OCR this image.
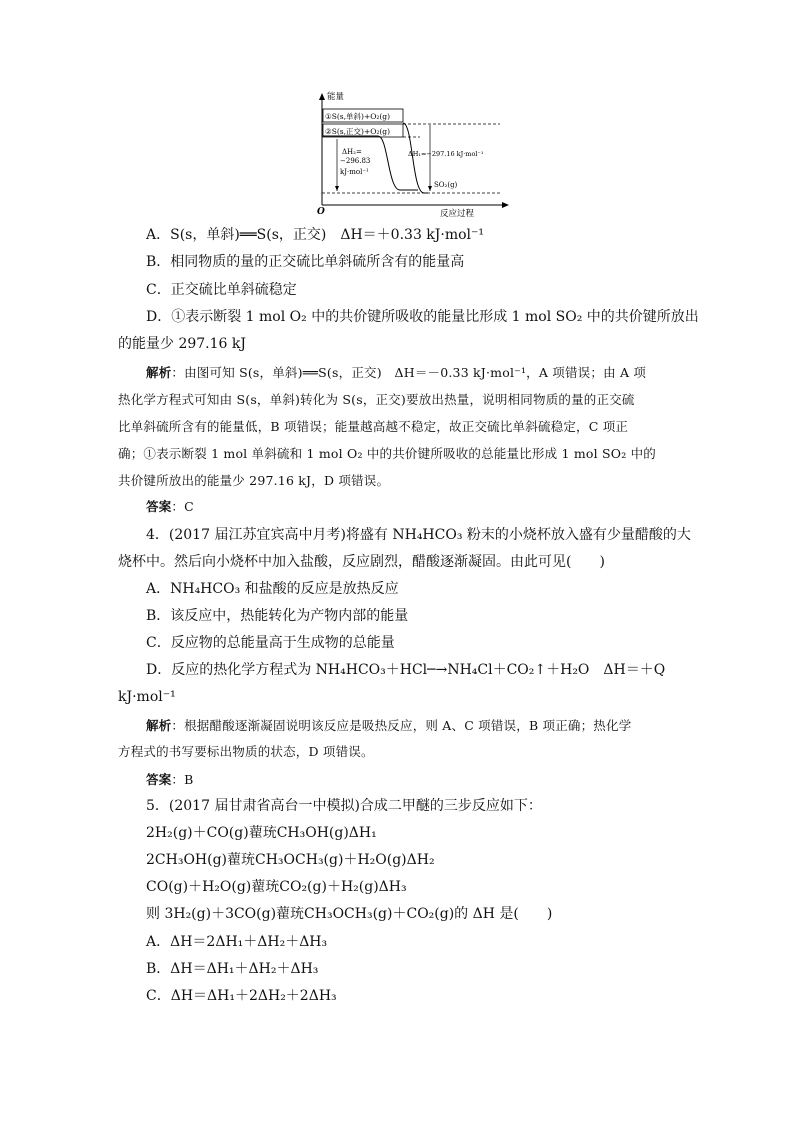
能量
反应过程
O
①S(s,单斜)+O₂(g)
②S(s,正交)+O₂(g)
ΔH₂=
−296.83
kJ·mol⁻¹
ΔH₁=−297.16 kJ·mol⁻¹
SO₂(g)
A．S(s，单斜)══S(s，正交)　ΔH＝＋0.33 kJ·mol⁻¹
B．相同物质的量的正交硫比单斜硫所含有的能量高
C．正交硫比单斜硫稳定
D．①表示断裂 1 mol O₂ 中的共价键所吸收的能量比形成 1 mol SO₂ 中的共价键所放出
的能量少 297.16 kJ
解析：由图可知 S(s，单斜)══S(s，正交)　ΔH＝－0.33 kJ·mol⁻¹，A 项错误；由 A 项
热化学方程式可知由 S(s，单斜)转化为 S(s，正交)要放出热量，说明相同物质的量的正交硫
比单斜硫所含有的能量低，B 项错误；能量越高越不稳定，故正交硫比单斜硫稳定，C 项正
确；①表示断裂 1 mol 单斜硫和 1 mol O₂ 中的共价键所吸收的总能量比形成 1 mol SO₂ 中的
共价键所放出的能量少 297.16 kJ，D 项错误。
答案：C
4．(2017 届江苏宜宾高中月考)将盛有 NH₄HCO₃ 粉末的小烧杯放入盛有少量醋酸的大
烧杯中。然后向小烧杯中加入盐酸，反应剧烈，醋酸逐渐凝固。由此可见(　　)
A．NH₄HCO₃ 和盐酸的反应是放热反应
B．该反应中，热能转化为产物内部的能量
C．反应物的总能量高于生成物的总能量
D．反应的热化学方程式为 NH₄HCO₃＋HCl─→NH₄Cl＋CO₂↑＋H₂O　ΔH＝＋Q
kJ·mol⁻¹
解析：根据醋酸逐渐凝固说明该反应是吸热反应，则 A、C 项错误，B 项正确；热化学
方程式的书写要标出物质的状态，D 项错误。
答案：B
5．(2017 届甘肃省高台一中模拟)合成二甲醚的三步反应如下：
2H₂(g)＋CO(g)藋珫CH₃OH(g)ΔH₁
2CH₃OH(g)藋珫CH₃OCH₃(g)＋H₂O(g)ΔH₂
CO(g)＋H₂O(g)藋珫CO₂(g)＋H₂(g)ΔH₃
则 3H₂(g)＋3CO(g)藋珫CH₃OCH₃(g)＋CO₂(g)的 ΔH 是(　　)
A．ΔH＝2ΔH₁＋ΔH₂＋ΔH₃
B．ΔH＝ΔH₁＋ΔH₂＋ΔH₃
C．ΔH＝ΔH₁＋2ΔH₂＋2ΔH₃
